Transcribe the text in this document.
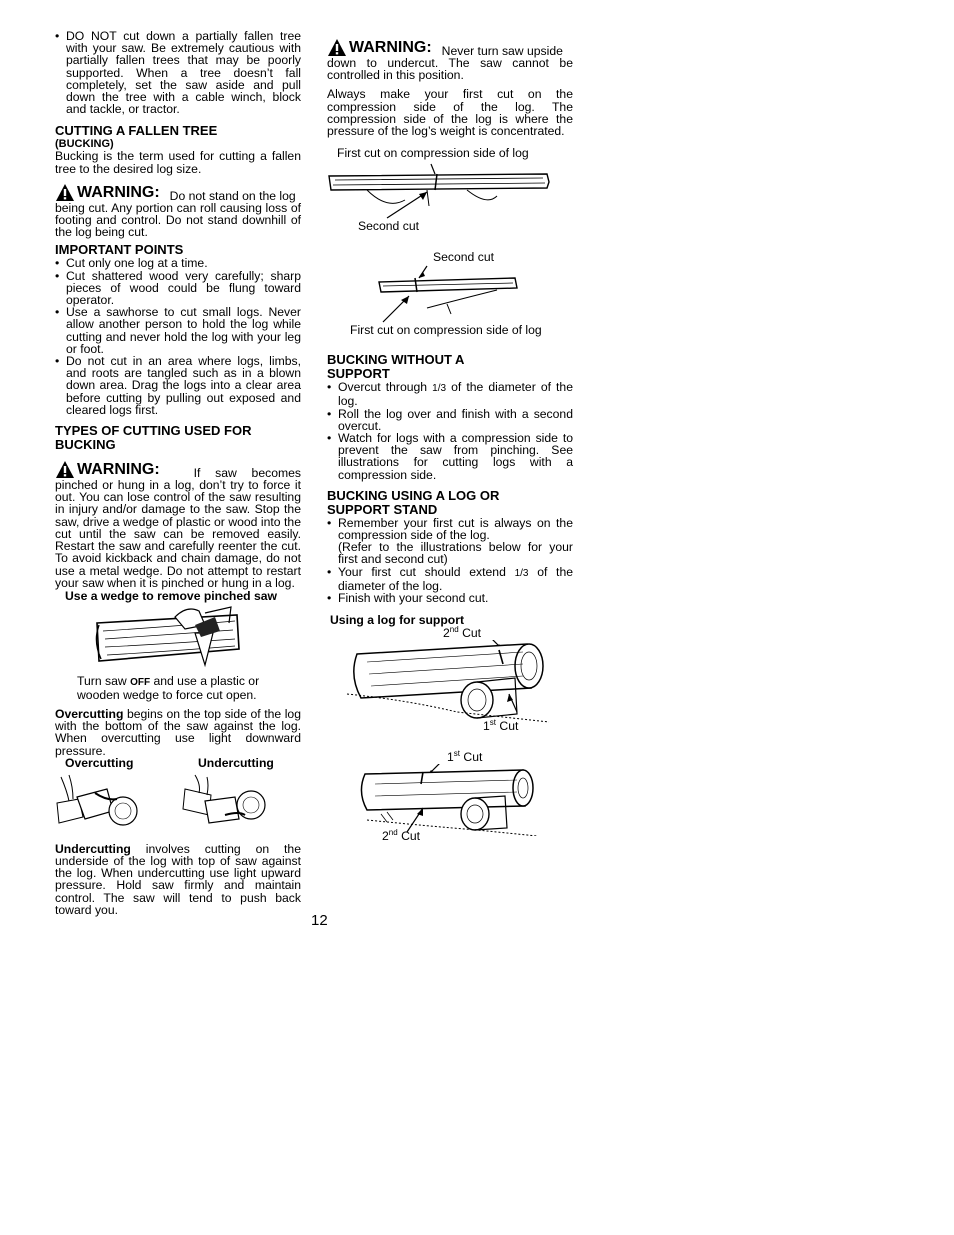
• DO NOT cut down a partially fallen tree with your saw. Be extremely cautious with partially fallen trees that may be poorly supported. When a tree doesn’t fall completely, set the saw aside and pull down the tree with a cable winch, block and tackle, or tractor.
CUTTING A FALLEN TREE
(BUCKING)

Bucking is the term used for cutting a fallen tree to the desired log size.

WARNING: Do not stand on the log

being cut. Any portion can roll causing loss of footing and control. Do not stand downhill of the log being cut.

IMPORTANT POINTS
• Cut only one log at a time.
• Cut shattered wood very carefully; sharp pieces of wood could be flung toward operator.
• Use a sawhorse to cut small logs. Never allow another person to hold the log while cutting and never hold the log with your leg or foot.
• Do not cut in an area where logs, limbs, and roots are tangled such as in a blown down area. Drag the logs into a clear area before cutting by pulling out exposed and cleared logs first.
TYPES OF CUTTING USED FOR
BUCKING
WARNING:	If saw becomes

pinched or hung in a log, don’t try to force it out. You can lose control of the saw resulting in injury and/or damage to the saw. Stop the saw, drive a wedge of plastic or wood into the cut until the saw can be removed easily. Restart the saw and carefully reenter the cut. To avoid kickback and chain damage, do not use a metal wedge. Do not attempt to restart your saw when it is pinched or hung in a log.

Use a wedge to remove pinched saw
Turn saw OFF and use a plastic or
wooden wedge to force cut open.

Overcutting begins on the top side of the log with the bottom of the saw against the log. When overcutting use light downward pressure.

Overcutting	Undercutting

Undercutting involves cutting on the underside of the log with top of saw against the log. When undercutting use light upward pressure. Hold saw firmly and maintain control. The saw will tend to push back toward you.

WARNING: Never turn saw upside

down to undercut. The saw cannot be controlled in this position.

Always make your first cut on the compression side of the log. The compression side of the log is where the pressure of the log’s weight is concentrated.

First cut on compression side of log
Second cut
Second cut
First cut on compression side of log
BUCKING WITHOUT A
SUPPORT
• Overcut through 1/3 of the diameter of the log.
• Roll the log over and finish with a second overcut.
• Watch for logs with a compression side to prevent the saw from pinching. See illustrations for cutting logs with a compression side.
BUCKING USING A LOG OR
SUPPORT STAND
• Remember your first cut is always on the compression side of the log.
(Refer to the illustrations below for your first and second cut)
• Your first cut should extend 1/3 of the diameter of the log.
• Finish with your second cut.
Using a log for support
2nd Cut
1st Cut
1st Cut
2nd Cut
12
